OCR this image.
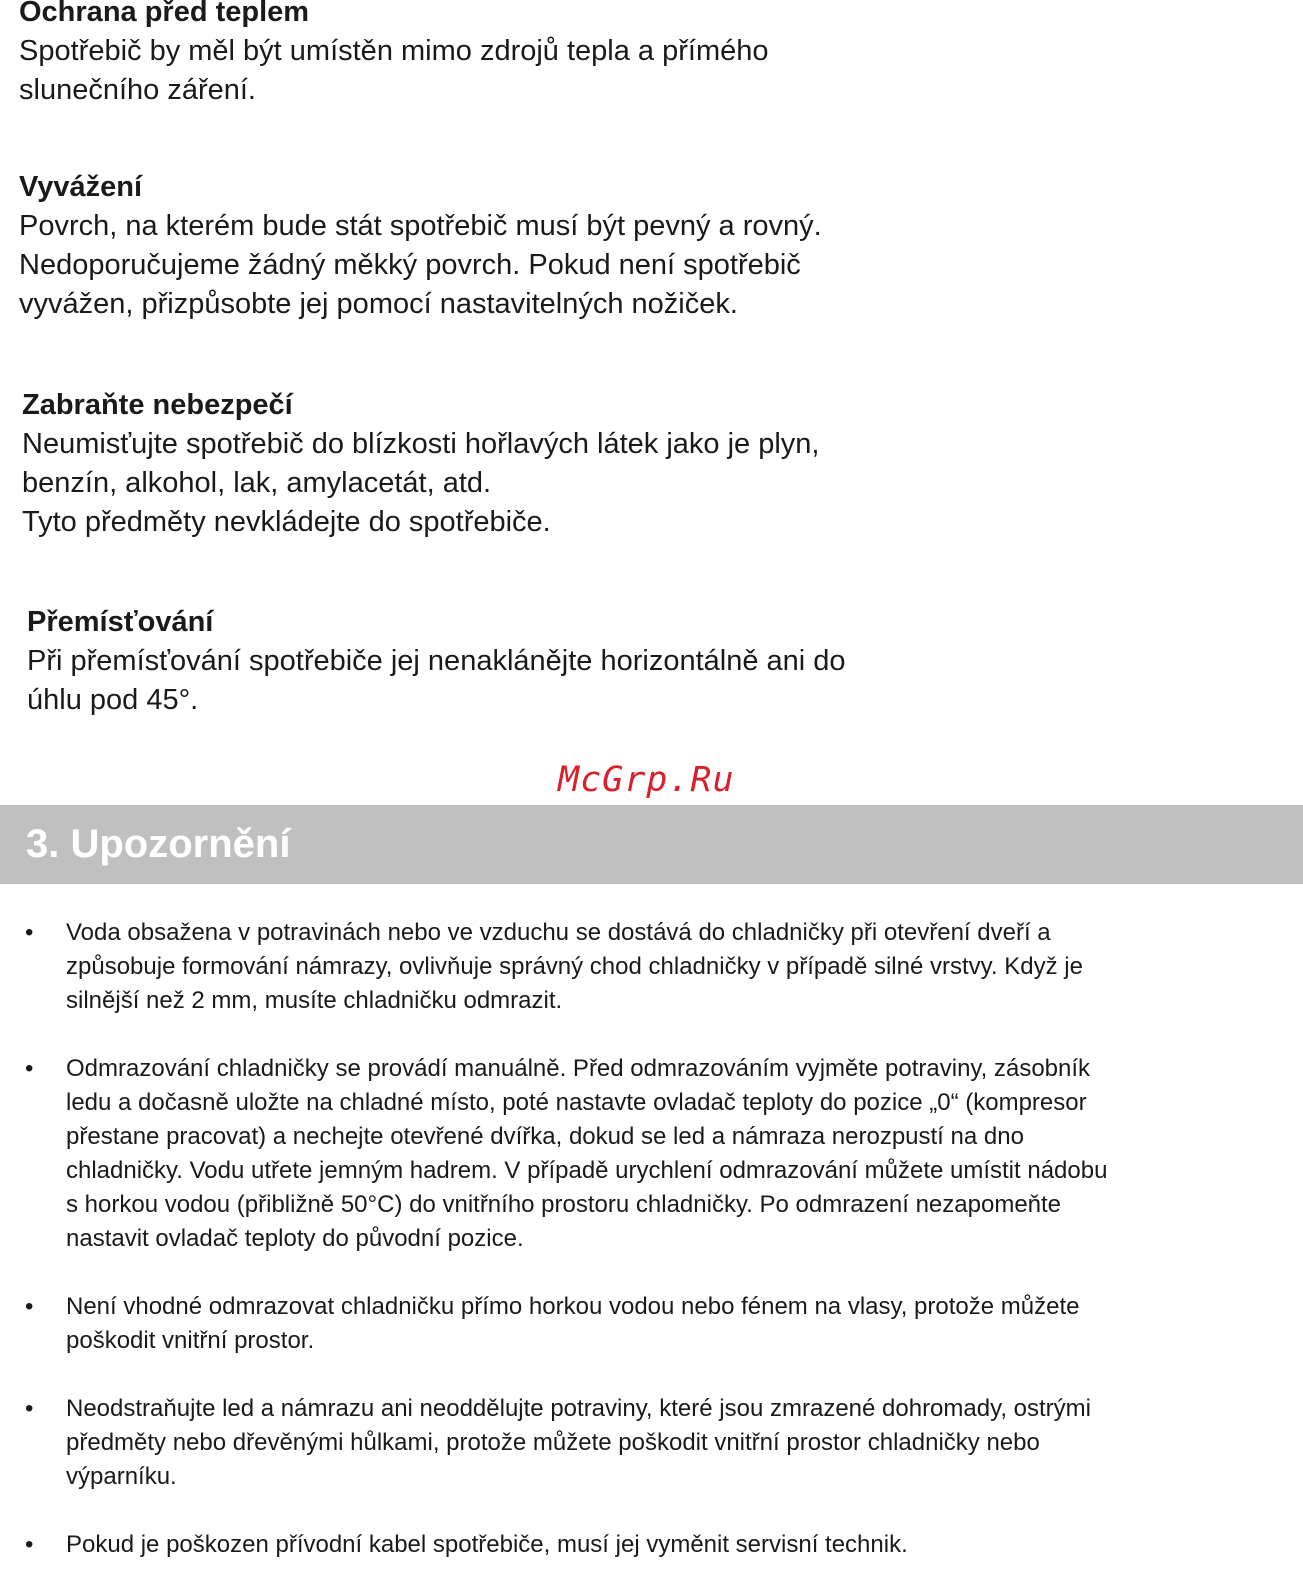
Ochrana před teplem

Spotřebič by měl být umístěn mimo zdrojů tepla a přímého

slunečního záření.

Vyvážení

Povrch, na kterém bude stát spotřebič musí být pevný a rovný.

Nedoporučujeme žádný měkký povrch. Pokud není spotřebič

vyvážen, přizpůsobte jej pomocí nastavitelných nožiček.

Zabraňte nebezpečí

Neumisťujte spotřebič do blízkosti hořlavých látek jako je plyn,

benzín, alkohol, lak, amylacetát, atd.

Tyto předměty nevkládejte do spotřebiče.

Přemísťování

Při přemísťování spotřebiče jej nenaklánějte horizontálně ani do

úhlu pod 45°.

McGrp.Ru
3. Upozornění
• Voda obsažena v potravinách nebo ve vzduchu se dostává do chladničky při otevření dveří a

způsobuje formování námrazy, ovlivňuje správný chod chladničky v případě silné vrstvy. Když je

silnější než 2 mm, musíte chladničku odmrazit.

• Odmrazování chladničky se provádí manuálně. Před odmrazováním vyjměte potraviny, zásobník

ledu a dočasně uložte na chladné místo, poté nastavte ovladač teploty do pozice „0“ (kompresor

přestane pracovat) a nechejte otevřené dvířka, dokud se led a námraza nerozpustí na dno

chladničky. Vodu utřete jemným hadrem. V případě urychlení odmrazování můžete umístit nádobu

s horkou vodou (přibližně 50°C) do vnitřního prostoru chladničky. Po odmrazení nezapomeňte

nastavit ovladač teploty do původní pozice.

• Není vhodné odmrazovat chladničku přímo horkou vodou nebo fénem na vlasy, protože můžete

poškodit vnitřní prostor.

• Neodstraňujte led a námrazu ani neoddělujte potraviny, které jsou zmrazené dohromady, ostrými

předměty nebo dřevěnými hůlkami, protože můžete poškodit vnitřní prostor chladničky nebo

výparníku.

• Pokud je poškozen přívodní kabel spotřebiče, musí jej vyměnit servisní technik.
